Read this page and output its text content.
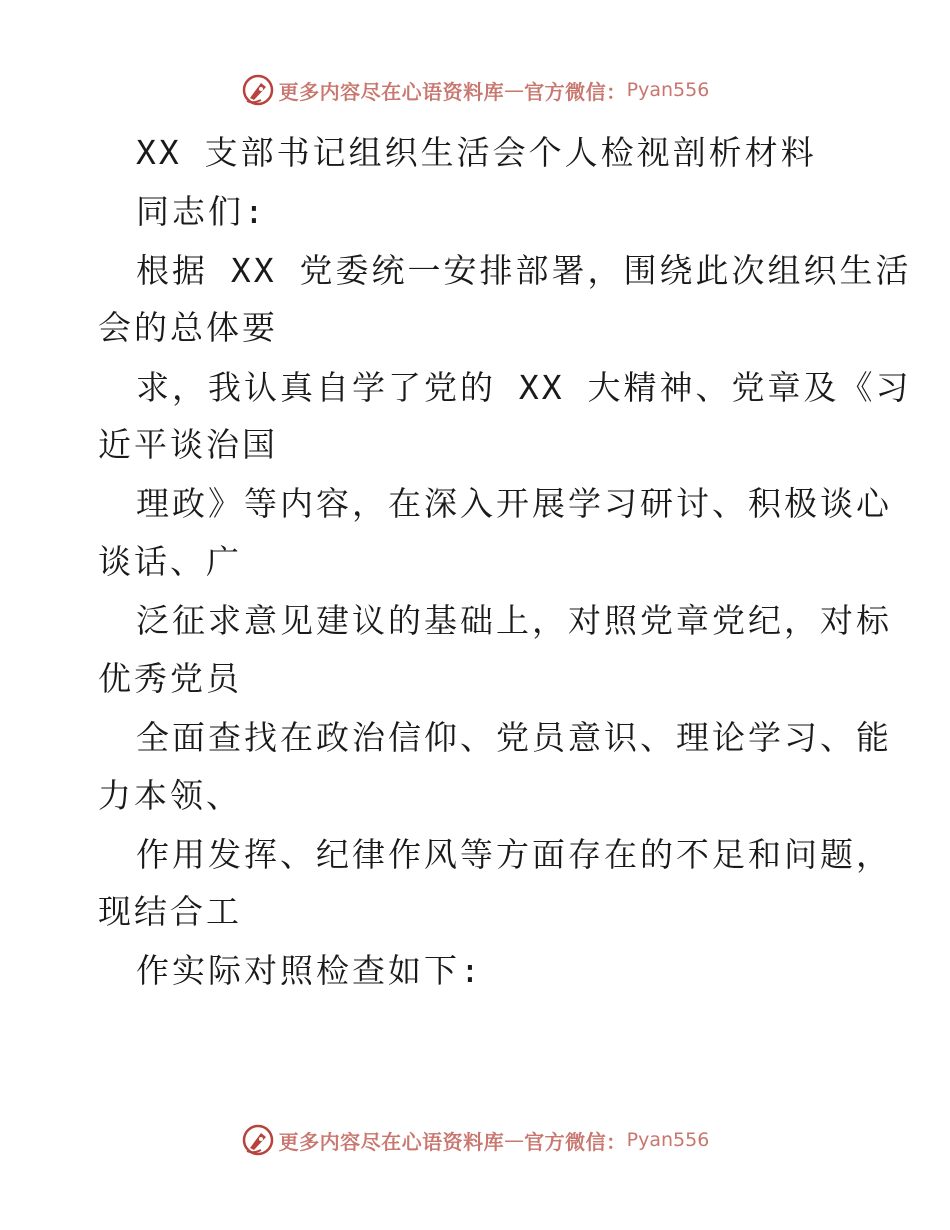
更多内容尽在心语资料库 — 官方微信： Pyan556
XX 支部书记组织生活会个人检视剖析材料
同志们:
根据 XX 党委统一安排部署，围绕此次组织生活
会的总体要
求，我认真自学了党的 XX 大精神、党章及《习
近平谈治国
理政》等内容，在深入开展学习研讨、积极谈心
谈话、广
泛征求意见建议的基础上，对照党章党纪，对标
优秀党员
全面查找在政治信仰、党员意识、理论学习、能
力本领、
作用发挥、纪律作风等方面存在的不足和问题，
现结合工
作实际对照检查如下:
更多内容尽在心语资料库 — 官方微信： Pyan556
